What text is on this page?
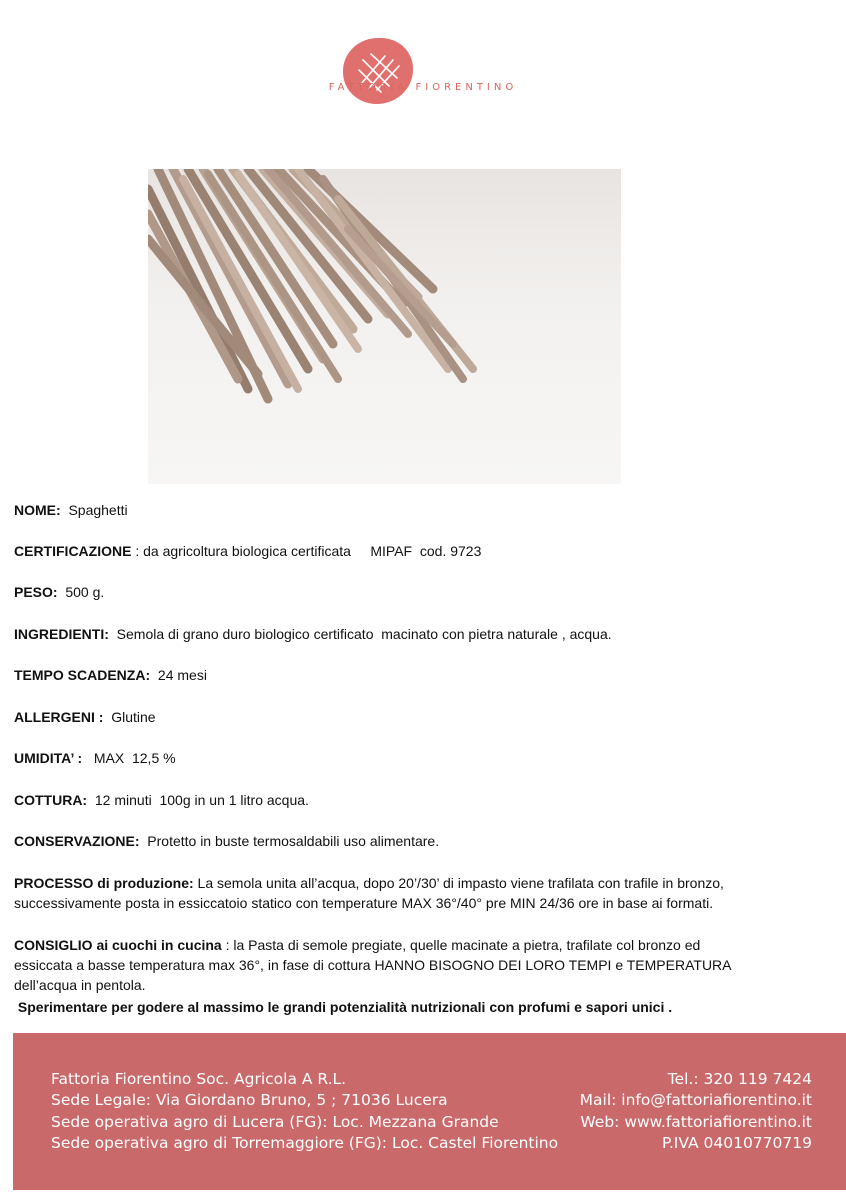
FATTORIA FIORENTINO
NOME: Spaghetti
CERTIFICAZIONE : da agricoltura biologica certificata     MIPAF  cod. 9723
PESO: 500 g.
INGREDIENTI: Semola di grano duro biologico certificato  macinato con pietra naturale , acqua.
TEMPO SCADENZA: 24 mesi
ALLERGENI : Glutine
UMIDITA’ : MAX  12,5 %
COTTURA: 12 minuti  100g in un 1 litro acqua.
CONSERVAZIONE: Protetto in buste termosaldabili uso alimentare.
PROCESSO di produzione: La semola unita all’acqua, dopo 20’/30’ di impasto viene trafilata con trafile in bronzo, successivamente posta in essiccatoio statico con temperature MAX 36°/40° pre MIN 24/36 ore in base ai formati.
CONSIGLIO ai cuochi in cucina : la Pasta di semole pregiate, quelle macinate a pietra, trafilate col bronzo ed essiccata a basse temperatura max 36°, in fase di cottura HANNO BISOGNO DEI LORO TEMPI e TEMPERATURA dell’acqua in pentola.
Sperimentare per godere al massimo le grandi potenzialità nutrizionali con profumi e sapori unici .
Fattoria Fiorentino Soc. Agricola A R.L.
Sede Legale: Via Giordano Bruno, 5 ; 71036 Lucera
Sede operativa agro di Lucera (FG): Loc. Mezzana Grande
Sede operativa agro di Torremaggiore (FG): Loc. Castel Fiorentino
Tel.: 320 119 7424
Mail: info@fattoriafiorentino.it
Web: www.fattoriafiorentino.it
P.IVA 04010770719
